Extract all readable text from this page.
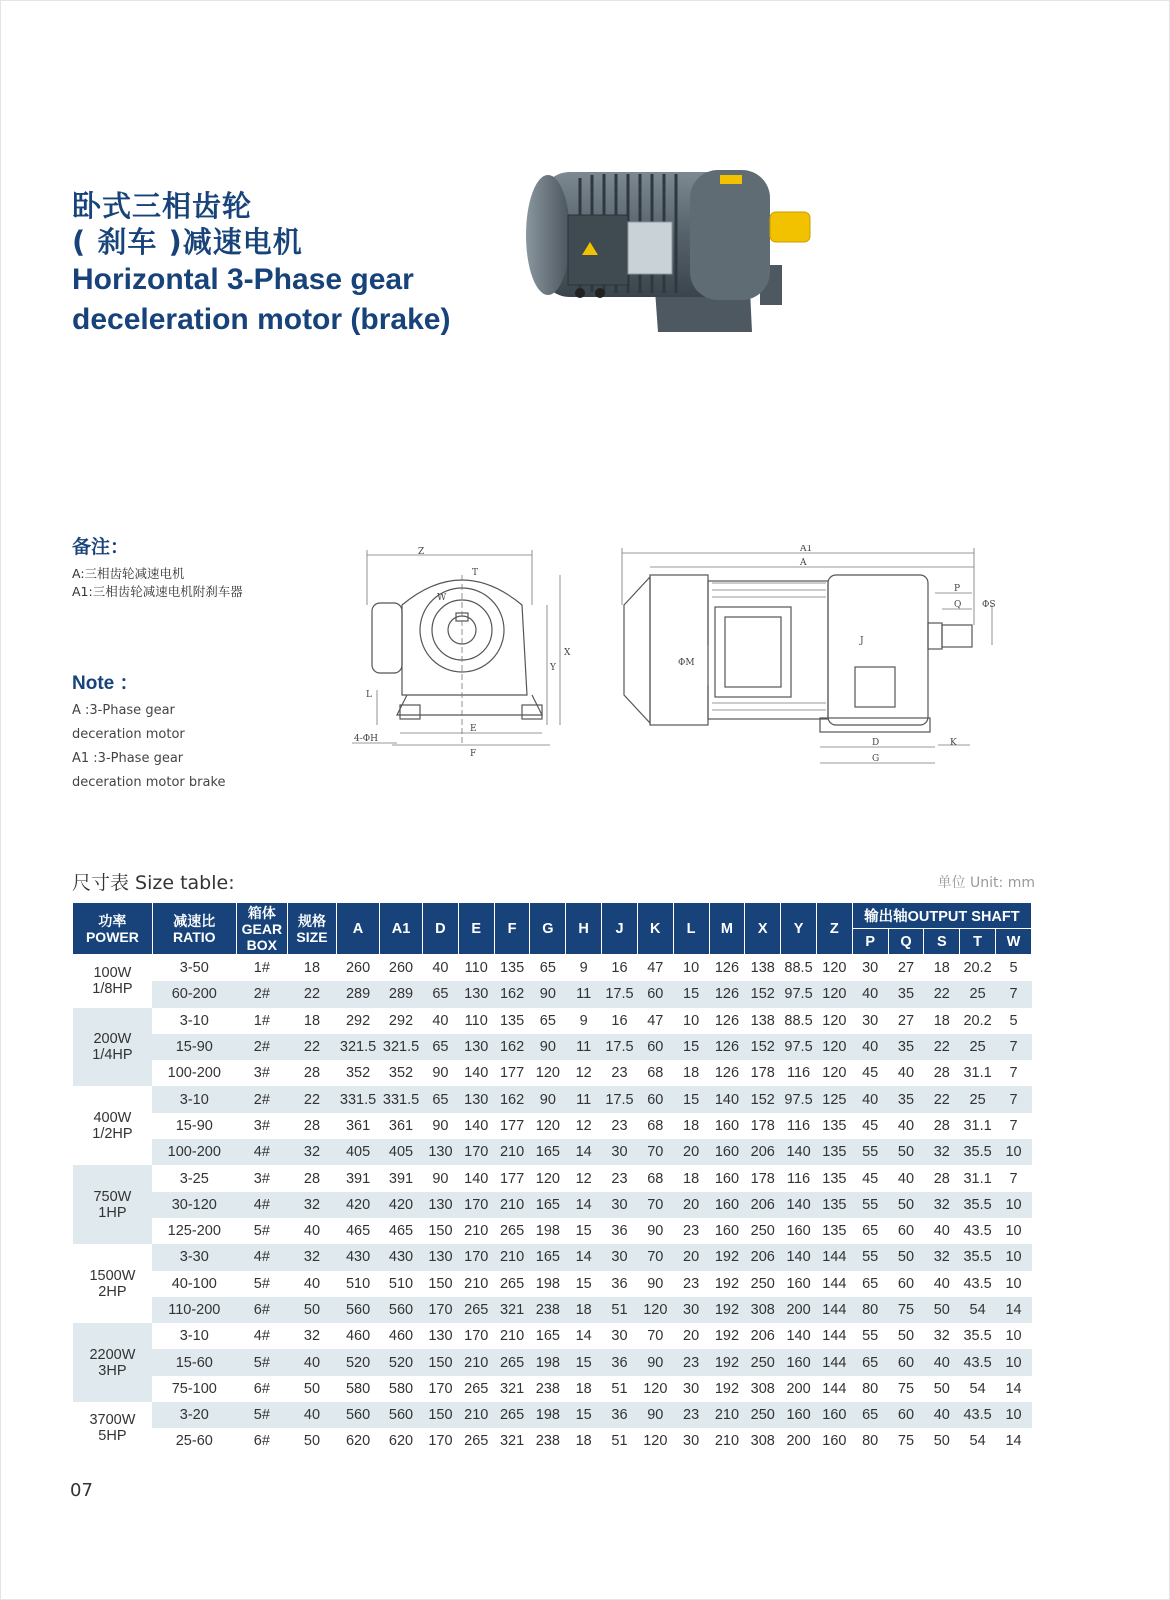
卧式三相齿轮
( 刹车 )减速电机
Horizontal 3-Phase gear
deceleration motor (brake)
备注：
A:三相齿轮减速电机
A1:三相齿轮减速电机附刹车器
Note ：
A :3-Phase gear
deceration motor
A1 :3-Phase gear
deceration motor brake
Z
W
T
X
Y
L
E
F
4-ΦH
A1
A
P
Q ΦS
J
ΦM
D
G
K
尺寸表 Size table:	单位 Unit: mm
功率
POWER	减速比
RATIO	箱体
GEAR
BOX	规格
SIZE	A	A1	D	E	F	G	H	J	K	L	M	X	Y	Z	输出轴OUTPUT SHAFT				
																		P	Q	S	T	W

100W
1/8HP	3-50	1#	18	260	260	40	110	135	65	9	16	47	10	126	138	88.5	120	30	27	18	20.2	5
	60-200	2#	22	289	289	65	130	162	90	11	17.5	60	15	126	152	97.5	120	40	35	22	25	7

200W
1/4HP	3-10	1#	18	292	292	40	110	135	65	9	16	47	10	126	138	88.5	120	30	27	18	20.2	5
	15-90	2#	22	321.5	321.5	65	130	162	90	11	17.5	60	15	126	152	97.5	120	40	35	22	25	7
	100-200	3#	28	352	352	90	140	177	120	12	23	68	18	126	178	116	120	45	40	28	31.1	7

400W
1/2HP	3-10	2#	22	331.5	331.5	65	130	162	90	11	17.5	60	15	140	152	97.5	125	40	35	22	25	7
	15-90	3#	28	361	361	90	140	177	120	12	23	68	18	160	178	116	135	45	40	28	31.1	7
	100-200	4#	32	405	405	130	170	210	165	14	30	70	20	160	206	140	135	55	50	32	35.5	10

750W
1HP	3-25	3#	28	391	391	90	140	177	120	12	23	68	18	160	178	116	135	45	40	28	31.1	7
	30-120	4#	32	420	420	130	170	210	165	14	30	70	20	160	206	140	135	55	50	32	35.5	10
	125-200	5#	40	465	465	150	210	265	198	15	36	90	23	160	250	160	135	65	60	40	43.5	10

1500W
2HP	3-30	4#	32	430	430	130	170	210	165	14	30	70	20	192	206	140	144	55	50	32	35.5	10
	40-100	5#	40	510	510	150	210	265	198	15	36	90	23	192	250	160	144	65	60	40	43.5	10
	110-200	6#	50	560	560	170	265	321	238	18	51	120	30	192	308	200	144	80	75	50	54	14

2200W
3HP	3-10	4#	32	460	460	130	170	210	165	14	30	70	20	192	206	140	144	55	50	32	35.5	10
	15-60	5#	40	520	520	150	210	265	198	15	36	90	23	192	250	160	144	65	60	40	43.5	10
	75-100	6#	50	580	580	170	265	321	238	18	51	120	30	192	308	200	144	80	75	50	54	14

3700W
5HP	3-20	5#	40	560	560	150	210	265	198	15	36	90	23	210	250	160	160	65	60	40	43.5	10
	25-60	6#	50	620	620	170	265	321	238	18	51	120	30	210	308	200	160	80	75	50	54	14
07
